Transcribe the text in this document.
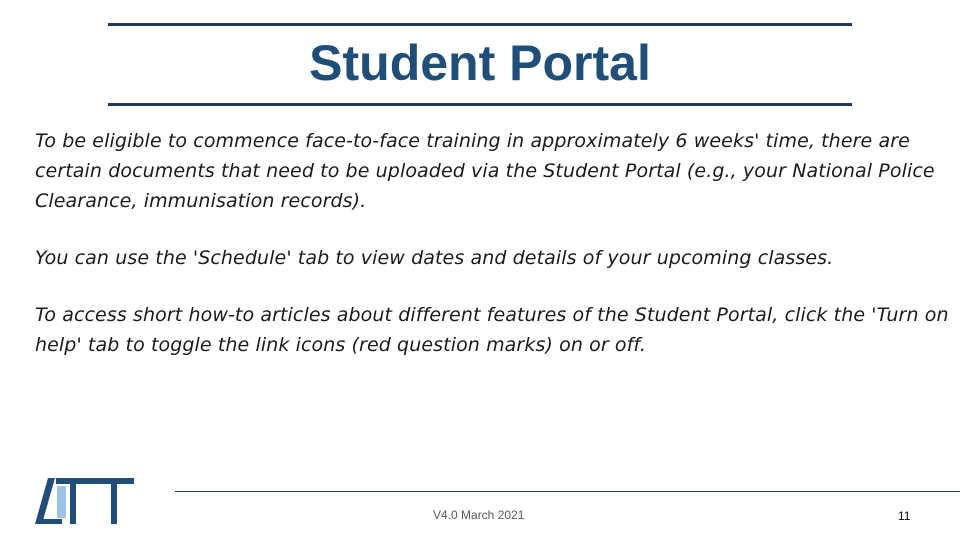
Student Portal

To be eligible to commence face-to-face training in approximately 6 weeks' time, there are certain documents that need to be uploaded via the Student Portal (e.g., your National Police Clearance, immunisation records).

You can use the 'Schedule' tab to view dates and details of your upcoming classes.

To access short how-to articles about different features of the Student Portal, click the 'Turn on help' tab to toggle the link icons (red question marks) on or off.

V4.0 March 2021	11
